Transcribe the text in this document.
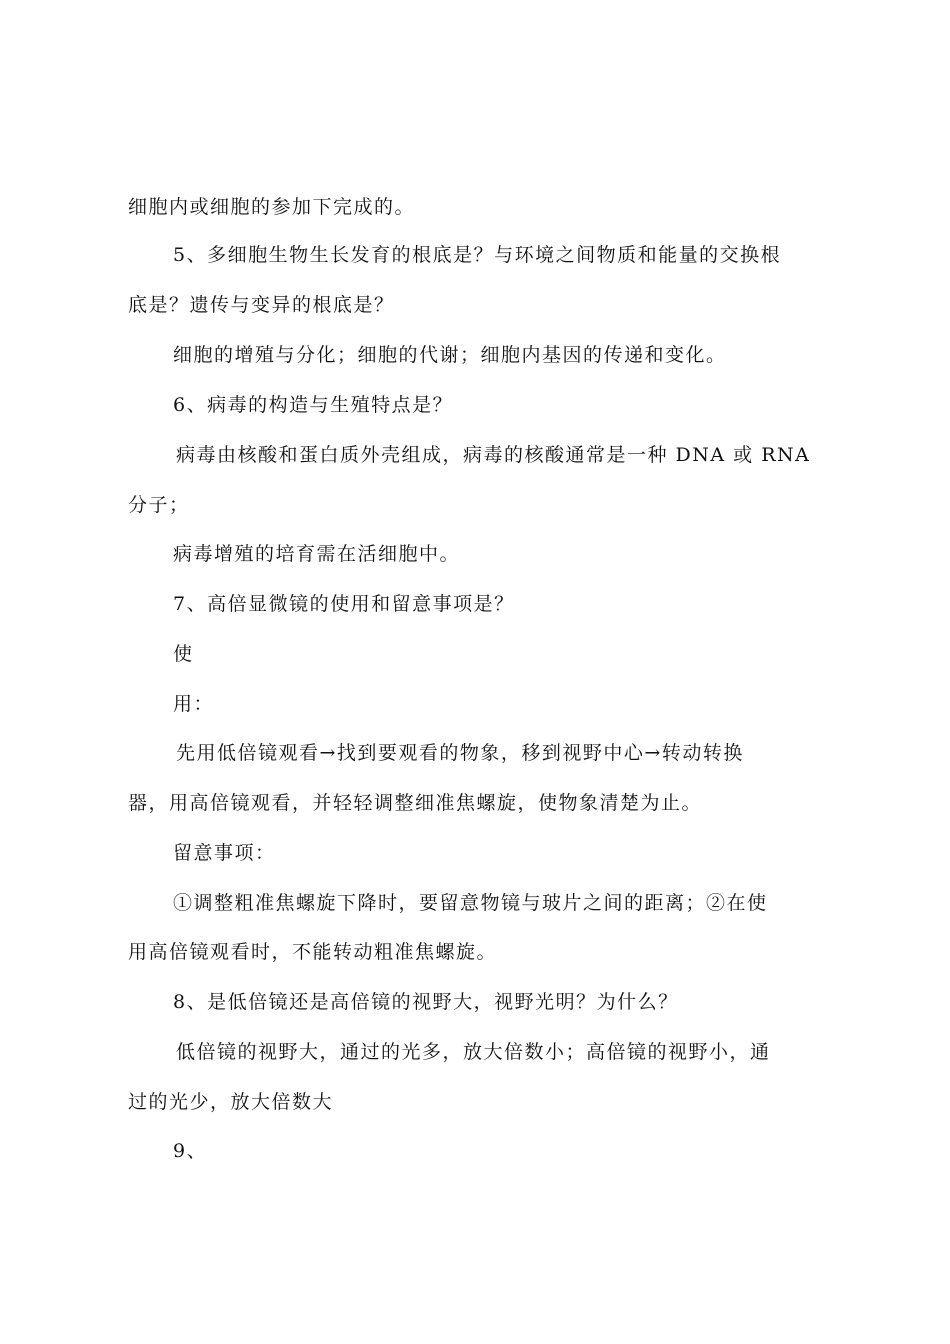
细胞内或细胞的参加下完成的。
5、多细胞生物生长发育的根底是？与环境之间物质和能量的交换根
底是？遗传与变异的根底是？
细胞的增殖与分化；细胞的代谢；细胞内基因的传递和变化。
6、病毒的构造与生殖特点是？
病毒由核酸和蛋白质外壳组成，病毒的核酸通常是一种 DNA 或 RNA
分子；
病毒增殖的培育需在活细胞中。
7、高倍显微镜的使用和留意事项是？
使
用：
先用低倍镜观看→找到要观看的物象，移到视野中心→转动转换
器，用高倍镜观看，并轻轻调整细准焦螺旋，使物象清楚为止。
留意事项：
①调整粗准焦螺旋下降时，要留意物镜与玻片之间的距离；②在使
用高倍镜观看时，不能转动粗准焦螺旋。
8、是低倍镜还是高倍镜的视野大，视野光明？为什么？
低倍镜的视野大，通过的光多，放大倍数小；高倍镜的视野小，通
过的光少，放大倍数大
9、
